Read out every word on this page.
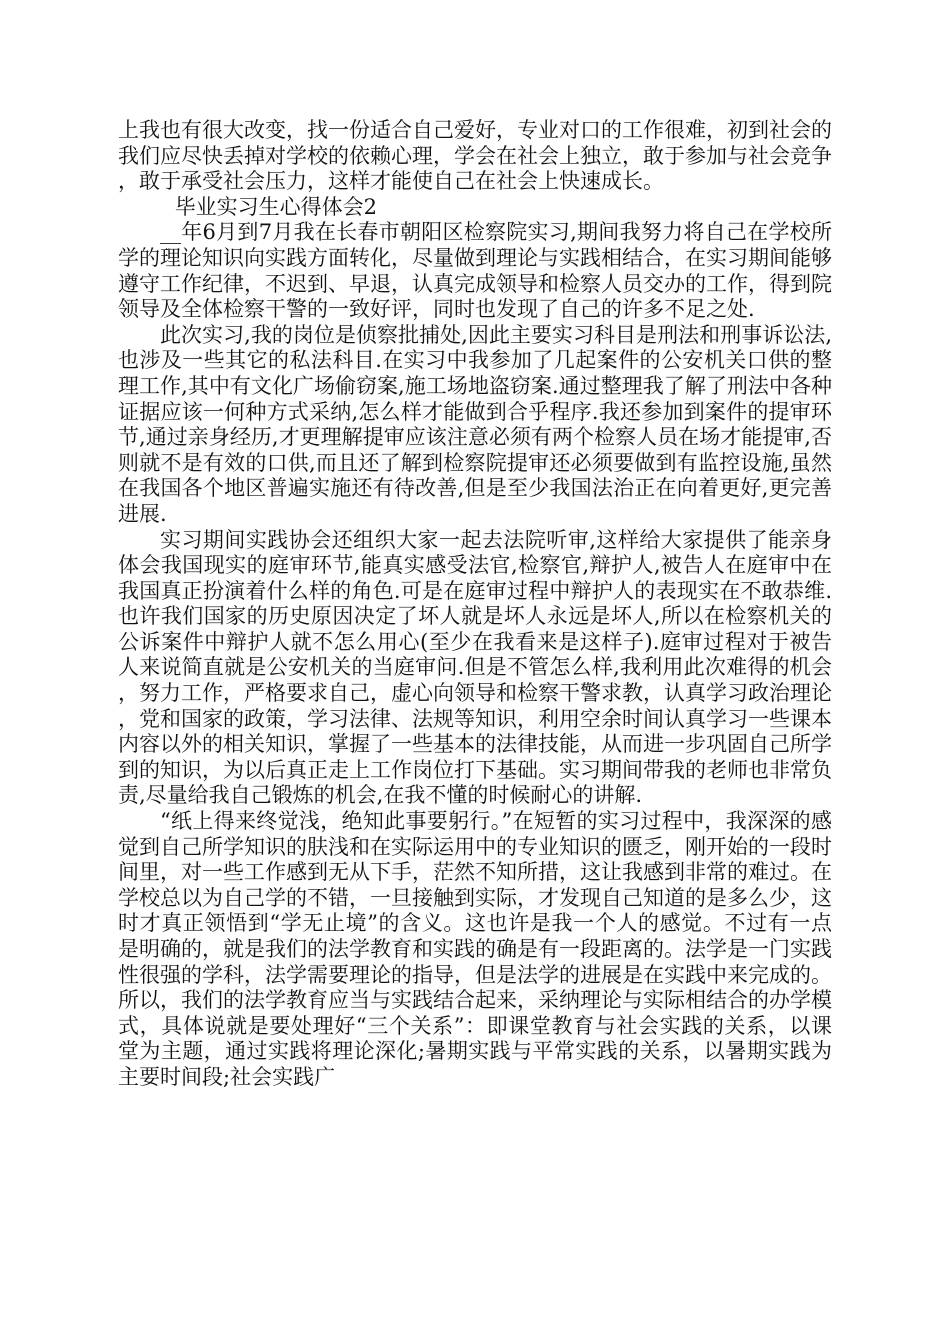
上我也有很大改变，找一份适合自己爱好，专业对口的工作很难，初到社会的我们应尽快丢掉对学校的依赖心理，学会在社会上独立，敢于参加与社会竞争，敢于承受社会压力，这样才能使自己在社会上快速成长。

毕业实习生心得体会2

__年6月到7月我在长春市朝阳区检察院实习,期间我努力将自己在学校所学的理论知识向实践方面转化，尽量做到理论与实践相结合，在实习期间能够遵守工作纪律，不迟到、早退，认真完成领导和检察人员交办的工作，得到院领导及全体检察干警的一致好评，同时也发现了自己的许多不足之处.

此次实习,我的岗位是侦察批捕处,因此主要实习科目是刑法和刑事诉讼法,也涉及一些其它的私法科目.在实习中我参加了几起案件的公安机关口供的整理工作,其中有文化广场偷窃案,施工场地盗窃案.通过整理我了解了刑法中各种证据应该一何种方式采纳,怎么样才能做到合乎程序.我还参加到案件的提审环节,通过亲身经历,才更理解提审应该注意必须有两个检察人员在场才能提审,否则就不是有效的口供,而且还了解到检察院提审还必须要做到有监控设施,虽然在我国各个地区普遍实施还有待改善,但是至少我国法治正在向着更好,更完善进展.

实习期间实践协会还组织大家一起去法院听审,这样给大家提供了能亲身体会我国现实的庭审环节,能真实感受法官,检察官,辩护人,被告人在庭审中在我国真正扮演着什么样的角色.可是在庭审过程中辩护人的表现实在不敢恭维.也许我们国家的历史原因决定了坏人就是坏人永远是坏人,所以在检察机关的公诉案件中辩护人就不怎么用心(至少在我看来是这样子).庭审过程对于被告人来说简直就是公安机关的当庭审问.但是不管怎么样,我利用此次难得的机会，努力工作，严格要求自己，虚心向领导和检察干警求教，认真学习政治理论，党和国家的政策，学习法律、法规等知识，利用空余时间认真学习一些课本内容以外的相关知识，掌握了一些基本的法律技能，从而进一步巩固自己所学到的知识，为以后真正走上工作岗位打下基础。实习期间带我的老师也非常负责,尽量给我自己锻炼的机会,在我不懂的时候耐心的讲解.

“纸上得来终觉浅，绝知此事要躬行。”在短暂的实习过程中，我深深的感觉到自己所学知识的肤浅和在实际运用中的专业知识的匮乏，刚开始的一段时间里，对一些工作感到无从下手，茫然不知所措，这让我感到非常的难过。在学校总以为自己学的不错，一旦接触到实际，才发现自己知道的是多么少，这时才真正领悟到“学无止境”的含义。这也许是我一个人的感觉。不过有一点是明确的，就是我们的法学教育和实践的确是有一段距离的。法学是一门实践性很强的学科，法学需要理论的指导，但是法学的进展是在实践中来完成的。所以，我们的法学教育应当与实践结合起来，采纳理论与实际相结合的办学模式，具体说就是要处理好“三个关系”：即课堂教育与社会实践的关系，以课堂为主题，通过实践将理论深化;暑期实践与平常实践的关系，以暑期实践为主要时间段;社会实践广
